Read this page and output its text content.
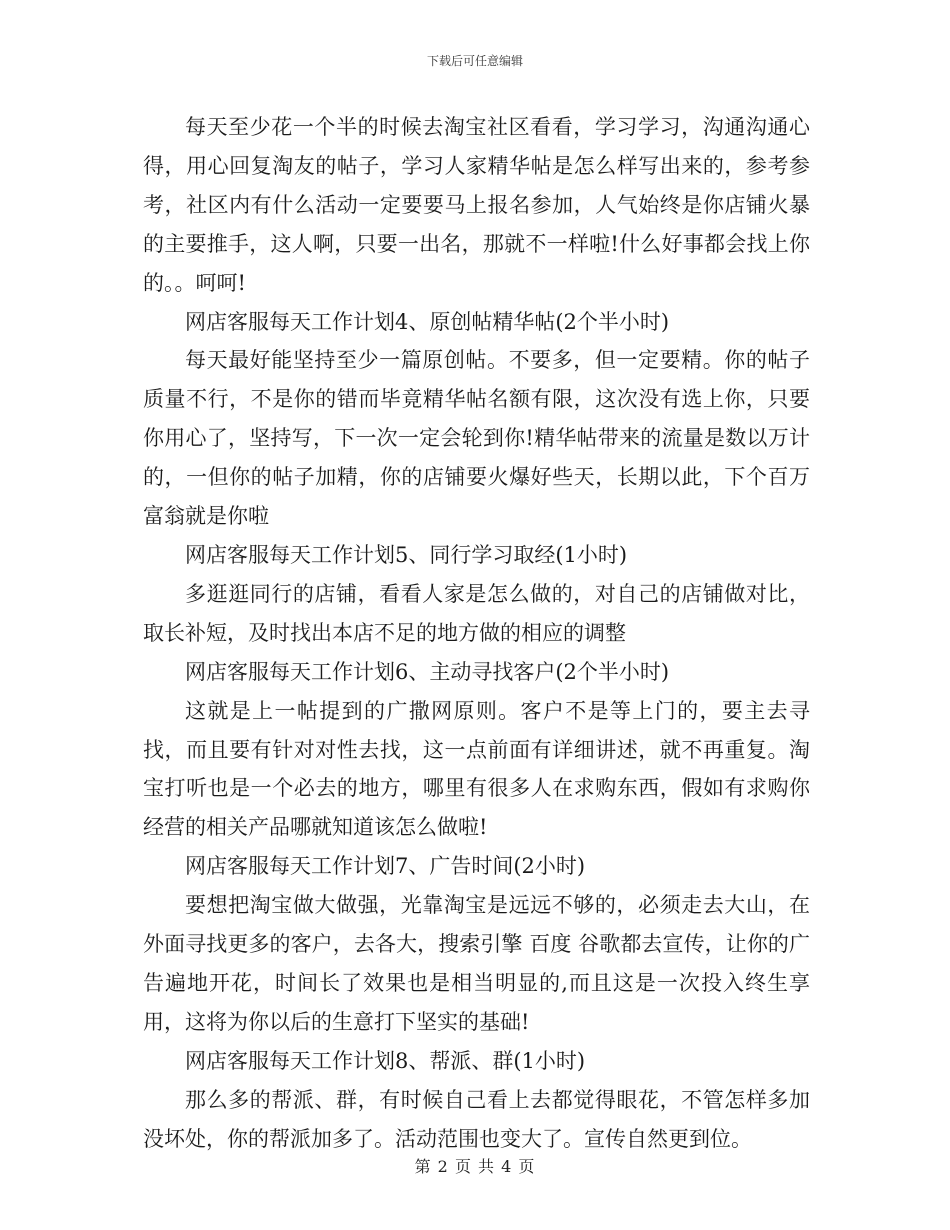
下载后可任意编辑

每天至少花一个半的时候去淘宝社区看看，学习学习，沟通沟通心得，用心回复淘友的帖子，学习人家精华帖是怎么样写出来的，参考参考，社区内有什么活动一定要要马上报名参加，人气始终是你店铺火暴的主要推手，这人啊，只要一出名，那就不一样啦!什么好事都会找上你的。。呵呵!

网店客服每天工作计划4、原创帖精华帖(2个半小时)

每天最好能坚持至少一篇原创帖。不要多，但一定要精。你的帖子质量不行，不是你的错而毕竟精华帖名额有限，这次没有选上你，只要你用心了，坚持写，下一次一定会轮到你!精华帖带来的流量是数以万计的，一但你的帖子加精，你的店铺要火爆好些天，长期以此，下个百万富翁就是你啦

网店客服每天工作计划5、同行学习取经(1小时)

多逛逛同行的店铺，看看人家是怎么做的，对自己的店铺做对比，取长补短，及时找出本店不足的地方做的相应的调整

网店客服每天工作计划6、主动寻找客户(2个半小时)

这就是上一帖提到的广撒网原则。客户不是等上门的，要主去寻找，而且要有针对对性去找，这一点前面有详细讲述，就不再重复。淘宝打听也是一个必去的地方，哪里有很多人在求购东西，假如有求购你经营的相关产品哪就知道该怎么做啦!

网店客服每天工作计划7、广告时间(2小时)

要想把淘宝做大做强，光靠淘宝是远远不够的，必须走去大山，在外面寻找更多的客户，去各大，搜索引擎 百度 谷歌都去宣传，让你的广告遍地开花，时间长了效果也是相当明显的,而且这是一次投入终生享用，这将为你以后的生意打下坚实的基础!

网店客服每天工作计划8、帮派、群(1小时)

那么多的帮派、群，有时候自己看上去都觉得眼花，不管怎样多加没坏处，你的帮派加多了。活动范围也变大了。宣传自然更到位。

第 2 页 共 4 页
